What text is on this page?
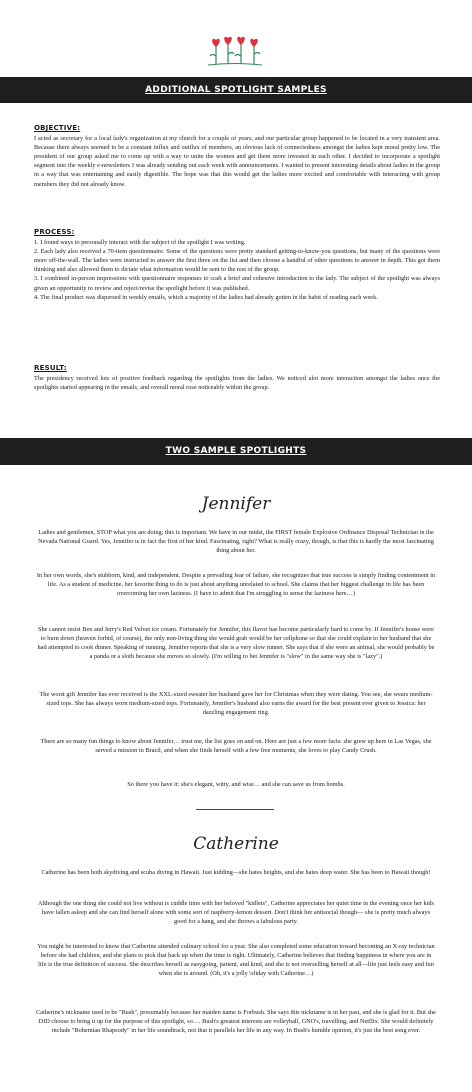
ADDITIONAL SPOTLIGHT SAMPLES
OBJECTIVE:
I acted as secretary for a local lady's organization at my church for a couple of years, and our particular group happened to be located in a very transient area. Because there always seemed to be a constant influx and outflux of members, an obvious lack of connectedness amongst the ladies kept moral pretty low. The president of our group asked me to come up with a way to unite the women and get them more invested in each other. I decided to incorporate a spotlight segment into the weekly e-newsletters I was already sending out each week with announcements. I wanted to present interesting details about ladies in the group in a way that was entertaining and easily digestible. The hope was that this would get the ladies more excited and comfortable with interacting with group members they did not already know.
PROCESS:
1. I found ways to personally interact with the subject of the spotlight I was writing.
2. Each lady also received a 70-item questionnaire. Some of the questions were pretty standard getting-to-know-you questions, but many of the questions were more off-the-wall. The ladies were instructed to answer the first three on the list and then choose a handful of other questions to answer in depth. This got them thinking and also allowed them to dictate what information would be sent to the rest of the group.
3. I combined in-person impressions with questionnaire responses to craft a brief and cohesive introduction to the lady. The subject of the spotlight was always given an opportunity to review and reject/revise the spotlight before it was published.
4. The final product was dispersed in weekly emails, which a majority of the ladies had already gotten in the habit of reading each week.
RESULT:
The presidency received lots of positive feedback regarding the spotlights from the ladies. We noticed alot more interaction amongst the ladies once the spotlights started appearing in the emails, and overall moral rose noticeably within the group.
TWO SAMPLE SPOTLIGHTS
Jennifer
Ladies and gentlemen, STOP what you are doing; this is important. We have in our midst, the FIRST female Explosive Ordinance Disposal Technician in the Nevada National Guard. Yes, Jennifer is in fact the first of her kind. Fascinating, right? What is really crazy, though, is that this is hardly the most fascinating thing about her.
In her own words, she's stubborn, kind, and independent. Despite a prevailing fear of failure, she recognizes that true success is simply finding contentment in life. As a student of medicine, her favorite thing to do is just about anything unrelated to school. She claims that her biggest challenge in life has been overcoming her own laziness. (I have to admit that I'm struggling to sense the laziness here…)
She cannot resist Ben and Jerry's Red Velvet ice cream. Fortunately for Jennifer, this flavor has become particularly hard to come by. If Jennifer's house were to burn down (heaven forbid, of course), the only non-living thing she would grab would be her cellphone so that she could explain to her husband that she had attempted to cook dinner. Speaking of running, Jennifer reports that she is a very slow runner. She says that if she were an animal, she would probably be a panda or a sloth because she moves so slowly. (I'm willing to bet Jennifer is "slow" in the same way she is "lazy".)
The worst gift Jennifer has ever received is the XXL-sized sweater her husband gave her for Christmas when they were dating. You see, she wears medium-sized tops. She has always worn medium-sized tops. Fortunately, Jennifer's husband also earns the award for the best present ever given to Jessica: her dazzling engagement ring.
There are so many fun things to know about Jennifer… trust me, the list goes on and on. Here are just a few more facts: she grew up here in Las Vegas, she served a mission in Brazil, and when she finds herself with a few free moments, she loves to play Candy Crush.
So there you have it: she's elegant, witty, and wise… and she can save us from bombs.
Catherine
Catherine has been both skydiving and scuba diving in Hawaii. Just kidding—she hates heights, and she hates deep water. She has been to Hawaii though!
Although the one thing she could not live without is cuddle time with her beloved "kidlets", Catherine appreciates her quiet time in the evening once her kids have fallen asleep and she can find herself alone with some sort of raspberry-lemon dessert. Don't think her antisocial though— she is pretty much always good for a hang, and she throws a fabulous party.
You might be interested to know that Catherine attended culinary school for a year. She also completed some education toward becoming an X-ray technician before she had children, and she plans to pick that back up when the time is right. Ultimately, Catherine believes that finding happiness in where you are in life is the true definition of success. She describes herself as easygoing, patient, and kind, and she is not overselling herself at all—life just feels easy and fun when she is around. (Oh, it's a jolly 'oliday with Catherine…)
Catherine's nickname used to be "Bush", presumably because her maiden name is Forbush. She says this nickname is in her past, and she is glad for it. But she DID choose to bring it up for the purpose of this spotlight, so…. Bush's greatest interests are volleyball, GNO's, travelling, and Netflix. She would definitely include "Bohemian Rhapsody" in her life soundtrack, not that it parallels her life in any way. In Bush's humble opinion, it's just the best song ever.
